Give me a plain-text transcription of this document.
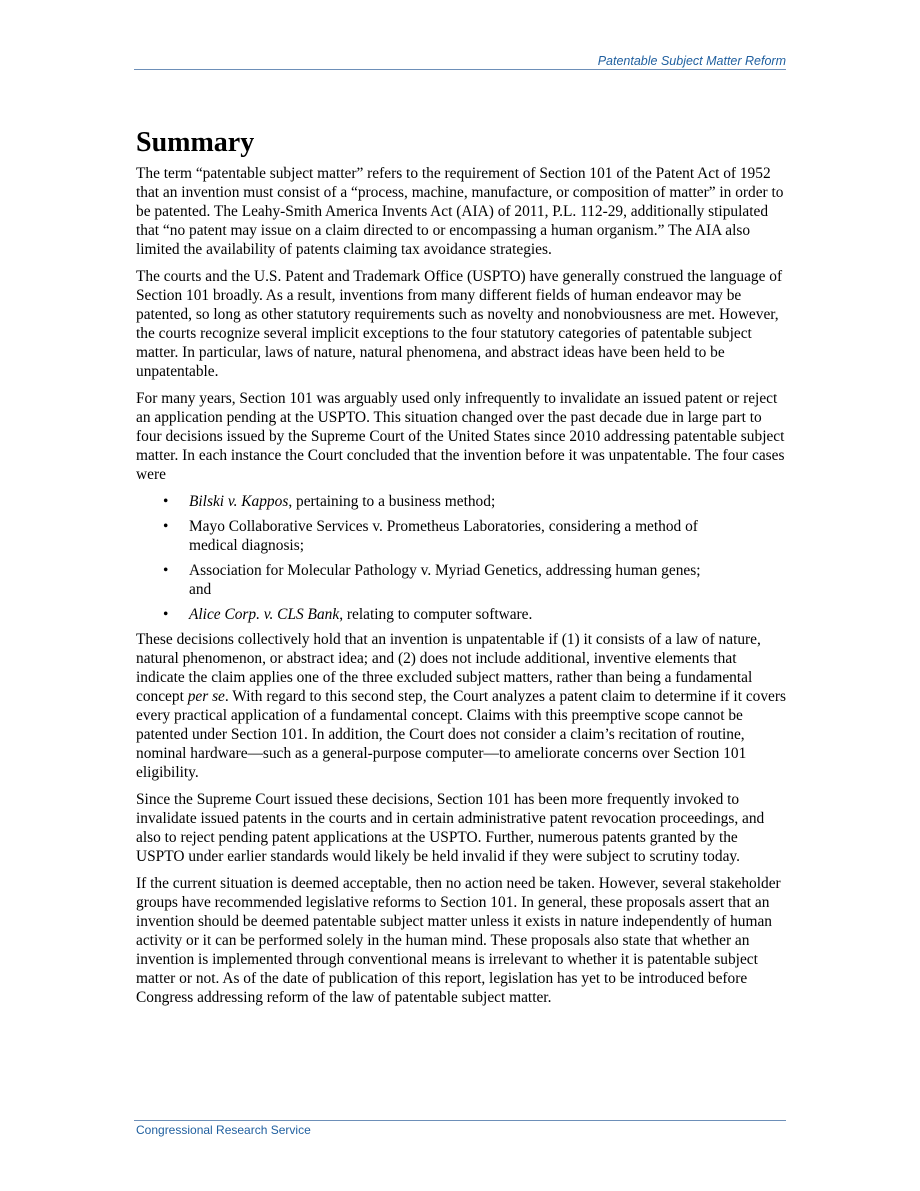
Patentable Subject Matter Reform
Summary

The term “patentable subject matter” refers to the requirement of Section 101 of the Patent Act of 1952 that an invention must consist of a “process, machine, manufacture, or composition of matter” in order to be patented. The Leahy-Smith America Invents Act (AIA) of 2011, P.L. 112-29, additionally stipulated that “no patent may issue on a claim directed to or encompassing a human organism.” The AIA also limited the availability of patents claiming tax avoidance strategies.

The courts and the U.S. Patent and Trademark Office (USPTO) have generally construed the language of Section 101 broadly. As a result, inventions from many different fields of human endeavor may be patented, so long as other statutory requirements such as novelty and nonobviousness are met. However, the courts recognize several implicit exceptions to the four statutory categories of patentable subject matter. In particular, laws of nature, natural phenomena, and abstract ideas have been held to be unpatentable.

For many years, Section 101 was arguably used only infrequently to invalidate an issued patent or reject an application pending at the USPTO. This situation changed over the past decade due in large part to four decisions issued by the Supreme Court of the United States since 2010 addressing patentable subject matter. In each instance the Court concluded that the invention before it was unpatentable. The four cases were

• Bilski v. Kappos, pertaining to a business method;
• Mayo Collaborative Services v. Prometheus Laboratories, considering a method of medical diagnosis;
• Association for Molecular Pathology v. Myriad Genetics, addressing human genes; and
• Alice Corp. v. CLS Bank, relating to computer software.

These decisions collectively hold that an invention is unpatentable if (1) it consists of a law of nature, natural phenomenon, or abstract idea; and (2) does not include additional, inventive elements that indicate the claim applies one of the three excluded subject matters, rather than being a fundamental concept per se. With regard to this second step, the Court analyzes a patent claim to determine if it covers every practical application of a fundamental concept. Claims with this preemptive scope cannot be patented under Section 101. In addition, the Court does not consider a claim’s recitation of routine, nominal hardware—such as a general-purpose computer—to ameliorate concerns over Section 101 eligibility.

Since the Supreme Court issued these decisions, Section 101 has been more frequently invoked to invalidate issued patents in the courts and in certain administrative patent revocation proceedings, and also to reject pending patent applications at the USPTO. Further, numerous patents granted by the USPTO under earlier standards would likely be held invalid if they were subject to scrutiny today.

If the current situation is deemed acceptable, then no action need be taken. However, several stakeholder groups have recommended legislative reforms to Section 101. In general, these proposals assert that an invention should be deemed patentable subject matter unless it exists in nature independently of human activity or it can be performed solely in the human mind. These proposals also state that whether an invention is implemented through conventional means is irrelevant to whether it is patentable subject matter or not. As of the date of publication of this report, legislation has yet to be introduced before Congress addressing reform of the law of patentable subject matter.

Congressional Research Service
